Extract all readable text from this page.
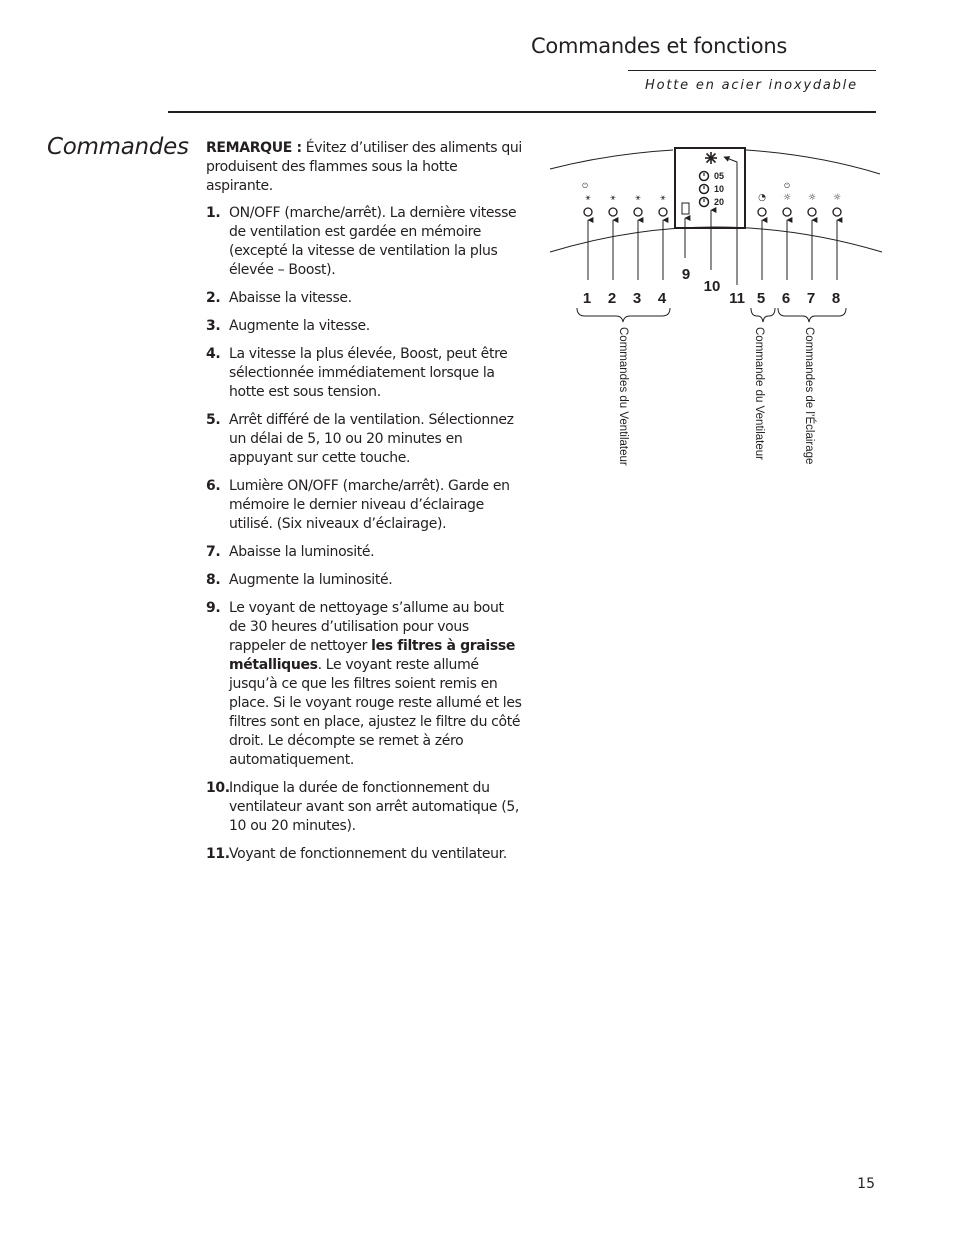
Commandes et fonctions
Hotte en acier inoxydable
Commandes REMARQUE : Évitez d’utiliser des aliments qui produisent des flammes sous la hotte aspirante.

1. ON/OFF (marche/arrêt). La dernière vitesse de ventilation est gardée en mémoire (excepté la vitesse de ventilation la plus élevée – Boost).
2. Abaisse la vitesse.
3. Augmente la vitesse.
4. La vitesse la plus élevée, Boost, peut être sélectionnée immédiatement lorsque la hotte est sous tension.
5. Arrêt différé de la ventilation. Sélectionnez un délai de 5, 10 ou 20 minutes en appuyant sur cette touche.
6. Lumière ON/OFF (marche/arrêt). Garde en mémoire le dernier niveau d’éclairage utilisé. (Six niveaux d’éclairage).
7. Abaisse la luminosité.
8. Augmente la luminosité.
9. Le voyant de nettoyage s’allume au bout de 30 heures d’utilisation pour vous rappeler de nettoyer les filtres à graisse métalliques. Le voyant reste allumé jusqu’à ce que les filtres soient remis en place. Si le voyant rouge reste allumé et les filtres sont en place, ajustez le filtre du côté droit. Le décompte se remet à zéro automatiquement.
10. Indique la durée de fonctionnement du ventilateur avant son arrêt automatique (5, 10 ou 20 minutes).
11. Voyant de fonctionnement du ventilateur.
05
10
20
⏻
⚹ ⚹ ⚹ ⚹	◔
⏻
☼ ☼ ☼
1 2 3 4
9
10
11 5 6 7 8
Commandes du Ventilateur	Commande du Ventilateur	Commandes de l’Éclairage
15
